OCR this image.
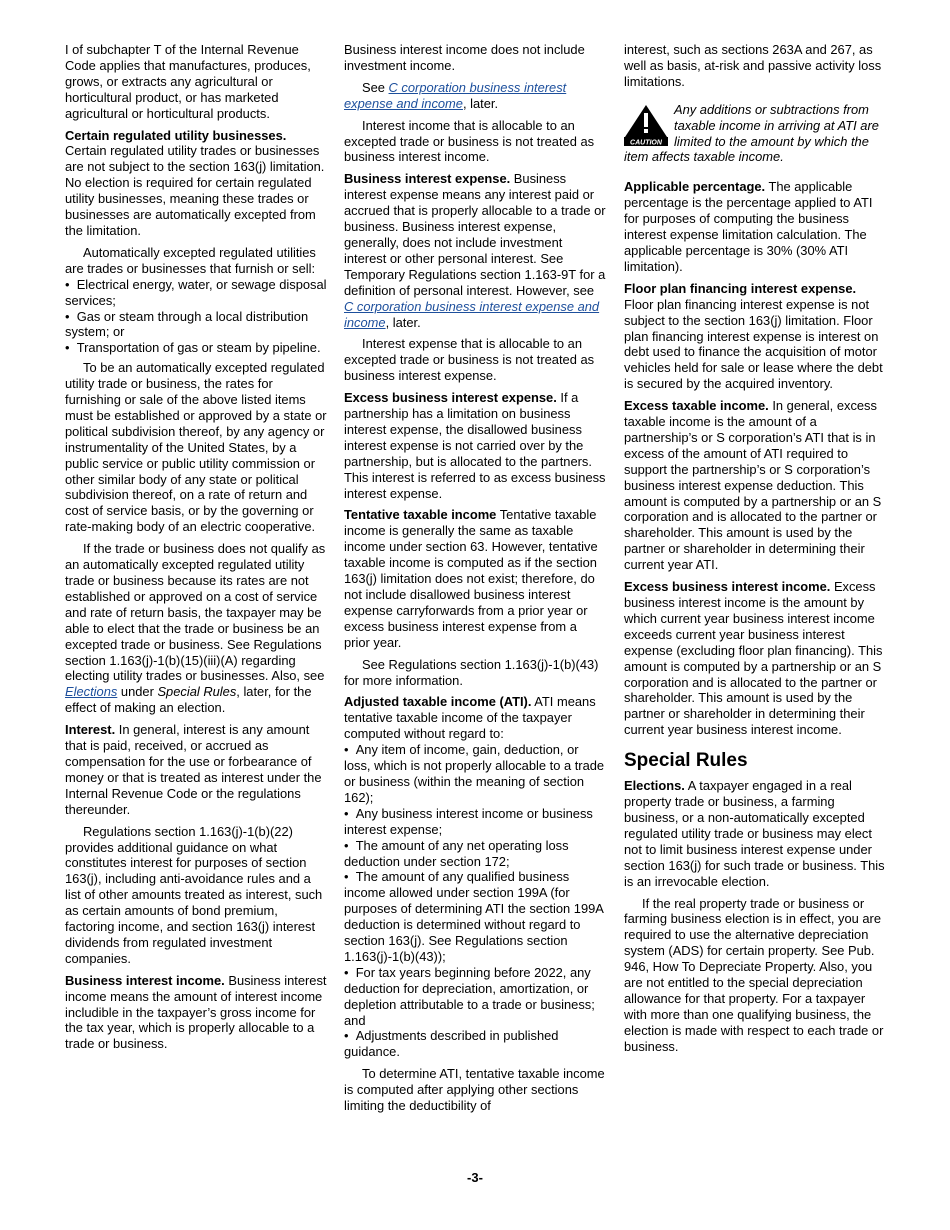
I of subchapter T of the Internal Revenue Code applies that manufactures, produces, grows, or extracts any agricultural or horticultural product, or has marketed agricultural or horticultural products.

Certain regulated utility businesses. Certain regulated utility trades or businesses are not subject to the section 163(j) limitation. No election is required for certain regulated utility businesses, meaning these trades or businesses are automatically excepted from the limitation.

Automatically excepted regulated utilities are trades or businesses that furnish or sell:

•  Electrical energy, water, or sewage disposal services;

•  Gas or steam through a local distribution system; or

•  Transportation of gas or steam by pipeline.

To be an automatically excepted regulated utility trade or business, the rates for furnishing or sale of the above listed items must be established or approved by a state or political subdivision thereof, by any agency or instrumentality of the United States, by a public service or public utility commission or other similar body of any state or political subdivision thereof, on a rate of return and cost of service basis, or by the governing or rate-making body of an electric cooperative.

If the trade or business does not qualify as an automatically excepted regulated utility trade or business because its rates are not established or approved on a cost of service and rate of return basis, the taxpayer may be able to elect that the trade or business be an excepted trade or business. See Regulations section 1.163(j)-1(b)(15)(iii)(A) regarding electing utility trades or businesses. Also, see Elections under Special Rules, later, for the effect of making an election.

Interest. In general, interest is any amount that is paid, received, or accrued as compensation for the use or forbearance of money or that is treated as interest under the Internal Revenue Code or the regulations thereunder.

Regulations section 1.163(j)-1(b)(22) provides additional guidance on what constitutes interest for purposes of section 163(j), including anti-avoidance rules and a list of other amounts treated as interest, such as certain amounts of bond premium, factoring income, and section 163(j) interest dividends from regulated investment companies.

Business interest income. Business interest income means the amount of interest income includible in the taxpayer’s gross income for the tax year, which is properly allocable to a trade or business.

Business interest income does not include investment income.

See C corporation business interest expense and income, later.

Interest income that is allocable to an excepted trade or business is not treated as business interest income.

Business interest expense. Business interest expense means any interest paid or accrued that is properly allocable to a trade or business. Business interest expense, generally, does not include investment interest or other personal interest. See Temporary Regulations section 1.163-9T for a definition of personal interest. However, see C corporation business interest expense and income, later.

Interest expense that is allocable to an excepted trade or business is not treated as business interest expense.

Excess business interest expense. If a partnership has a limitation on business interest expense, the disallowed business interest expense is not carried over by the partnership, but is allocated to the partners. This interest is referred to as excess business interest expense.

Tentative taxable income Tentative taxable income is generally the same as taxable income under section 63. However, tentative taxable income is computed as if the section 163(j) limitation does not exist; therefore, do not include disallowed business interest expense carryforwards from a prior year or excess business interest expense from a prior year.

See Regulations section 1.163(j)-1(b)(43) for more information.

Adjusted taxable income (ATI). ATI means tentative taxable income of the taxpayer computed without regard to:

•  Any item of income, gain, deduction, or loss, which is not properly allocable to a trade or business (within the meaning of section 162);

•  Any business interest income or business interest expense;

•  The amount of any net operating loss deduction under section 172;

•  The amount of any qualified business income allowed under section 199A (for purposes of determining ATI the section 199A deduction is determined without regard to section 163(j). See Regulations section 1.163(j)-1(b)(43));

•  For tax years beginning before 2022, any deduction for depreciation, amortization, or depletion attributable to a trade or business; and

•  Adjustments described in published guidance.

To determine ATI, tentative taxable income is computed after applying other sections limiting the deductibility of

interest, such as sections 263A and 267, as well as basis, at-risk and passive activity loss limitations.

CAUTION
Any additions or subtractions from taxable income in arriving at ATI are limited to the amount by which the item affects taxable income.

Applicable percentage. The applicable percentage is the percentage applied to ATI for purposes of computing the business interest expense limitation calculation. The applicable percentage is 30% (30% ATI limitation).

Floor plan financing interest expense. Floor plan financing interest expense is not subject to the section 163(j) limitation. Floor plan financing interest expense is interest on debt used to finance the acquisition of motor vehicles held for sale or lease where the debt is secured by the acquired inventory.

Excess taxable income. In general, excess taxable income is the amount of a partnership’s or S corporation’s ATI that is in excess of the amount of ATI required to support the partnership’s or S corporation’s business interest expense deduction. This amount is computed by a partnership or an S corporation and is allocated to the partner or shareholder. This amount is used by the partner or shareholder in determining their current year ATI.

Excess business interest income. Excess business interest income is the amount by which current year business interest income exceeds current year business interest expense (excluding floor plan financing). This amount is computed by a partnership or an S corporation and is allocated to the partner or shareholder. This amount is used by the partner or shareholder in determining their current year business interest income.

Special Rules

Elections. A taxpayer engaged in a real property trade or business, a farming business, or a non-automatically excepted regulated utility trade or business may elect not to limit business interest expense under section 163(j) for such trade or business. This is an irrevocable election.

If the real property trade or business or farming business election is in effect, you are required to use the alternative depreciation system (ADS) for certain property. See Pub. 946, How To Depreciate Property. Also, you are not entitled to the special depreciation allowance for that property. For a taxpayer with more than one qualifying business, the election is made with respect to each trade or business.

-3-
